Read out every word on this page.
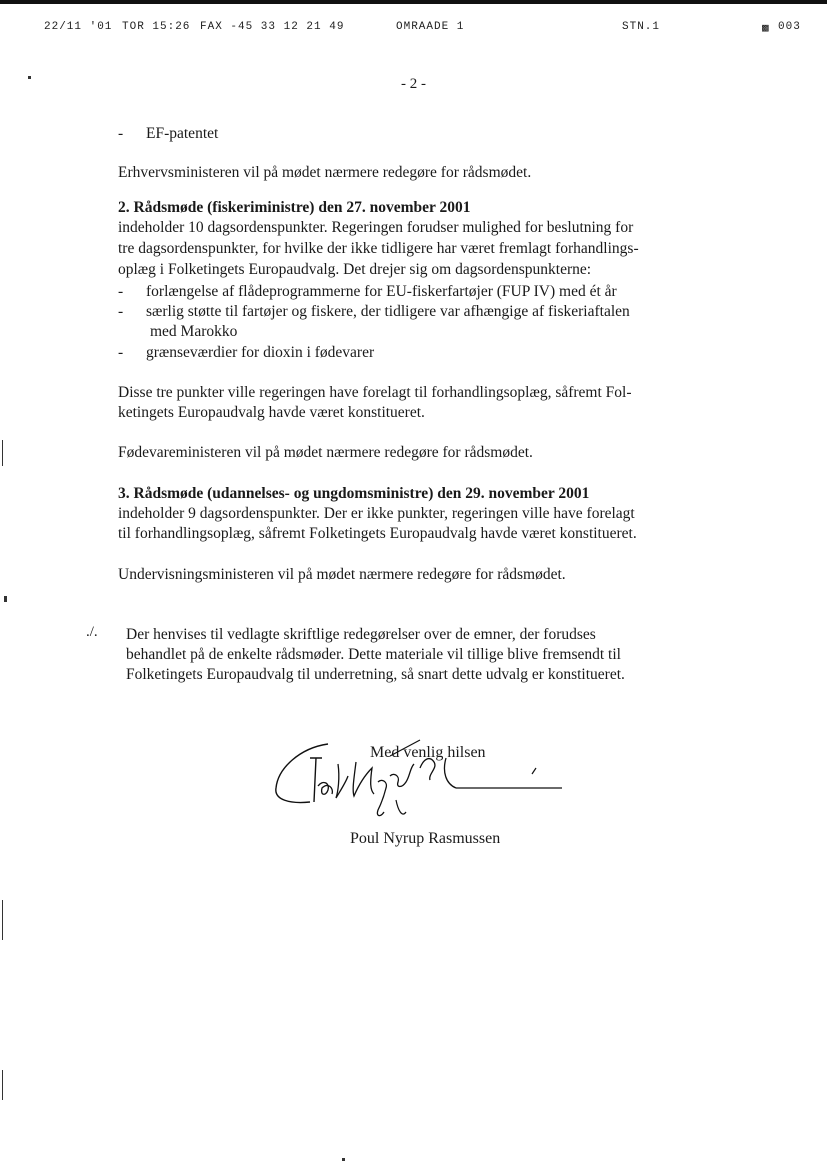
22/11 '01 TOR 15:26 FAX -45 33 12 21 49	OMRAADE 1	STN.1	▩ 003
- 2 -
- EF-patentet
Erhvervsministeren vil på mødet nærmere redegøre for rådsmødet.
2. Rådsmøde (fiskeriministre) den 27. november 2001
indeholder 10 dagsordenspunkter. Regeringen forudser mulighed for beslutning for
tre dagsordenspunkter, for hvilke der ikke tidligere har været fremlagt forhandlings-
oplæg i Folketingets Europaudvalg. Det drejer sig om dagsordenspunkterne:
- forlængelse af flådeprogrammerne for EU-fiskerfartøjer (FUP IV) med ét år
- særlig støtte til fartøjer og fiskere, der tidligere var afhængige af fiskeriaftalen
med Marokko
- grænseværdier for dioxin i fødevarer
Disse tre punkter ville regeringen have forelagt til forhandlingsoplæg, såfremt Fol-
ketingets Europaudvalg havde været konstitueret.
Fødevareministeren vil på mødet nærmere redegøre for rådsmødet.
3. Rådsmøde (udannelses- og ungdomsministre) den 29. november 2001
indeholder 9 dagsordenspunkter. Der er ikke punkter, regeringen ville have forelagt
til forhandlingsoplæg, såfremt Folketingets Europaudvalg havde været konstitueret.
Undervisningsministeren vil på mødet nærmere redegøre for rådsmødet.
./. Der henvises til vedlagte skriftlige redegørelser over de emner, der forudses
behandlet på de enkelte rådsmøder. Dette materiale vil tillige blive fremsendt til
Folketingets Europaudvalg til underretning, så snart dette udvalg er konstitueret.
Med venlig hilsen
Poul Nyrup Rasmussen
